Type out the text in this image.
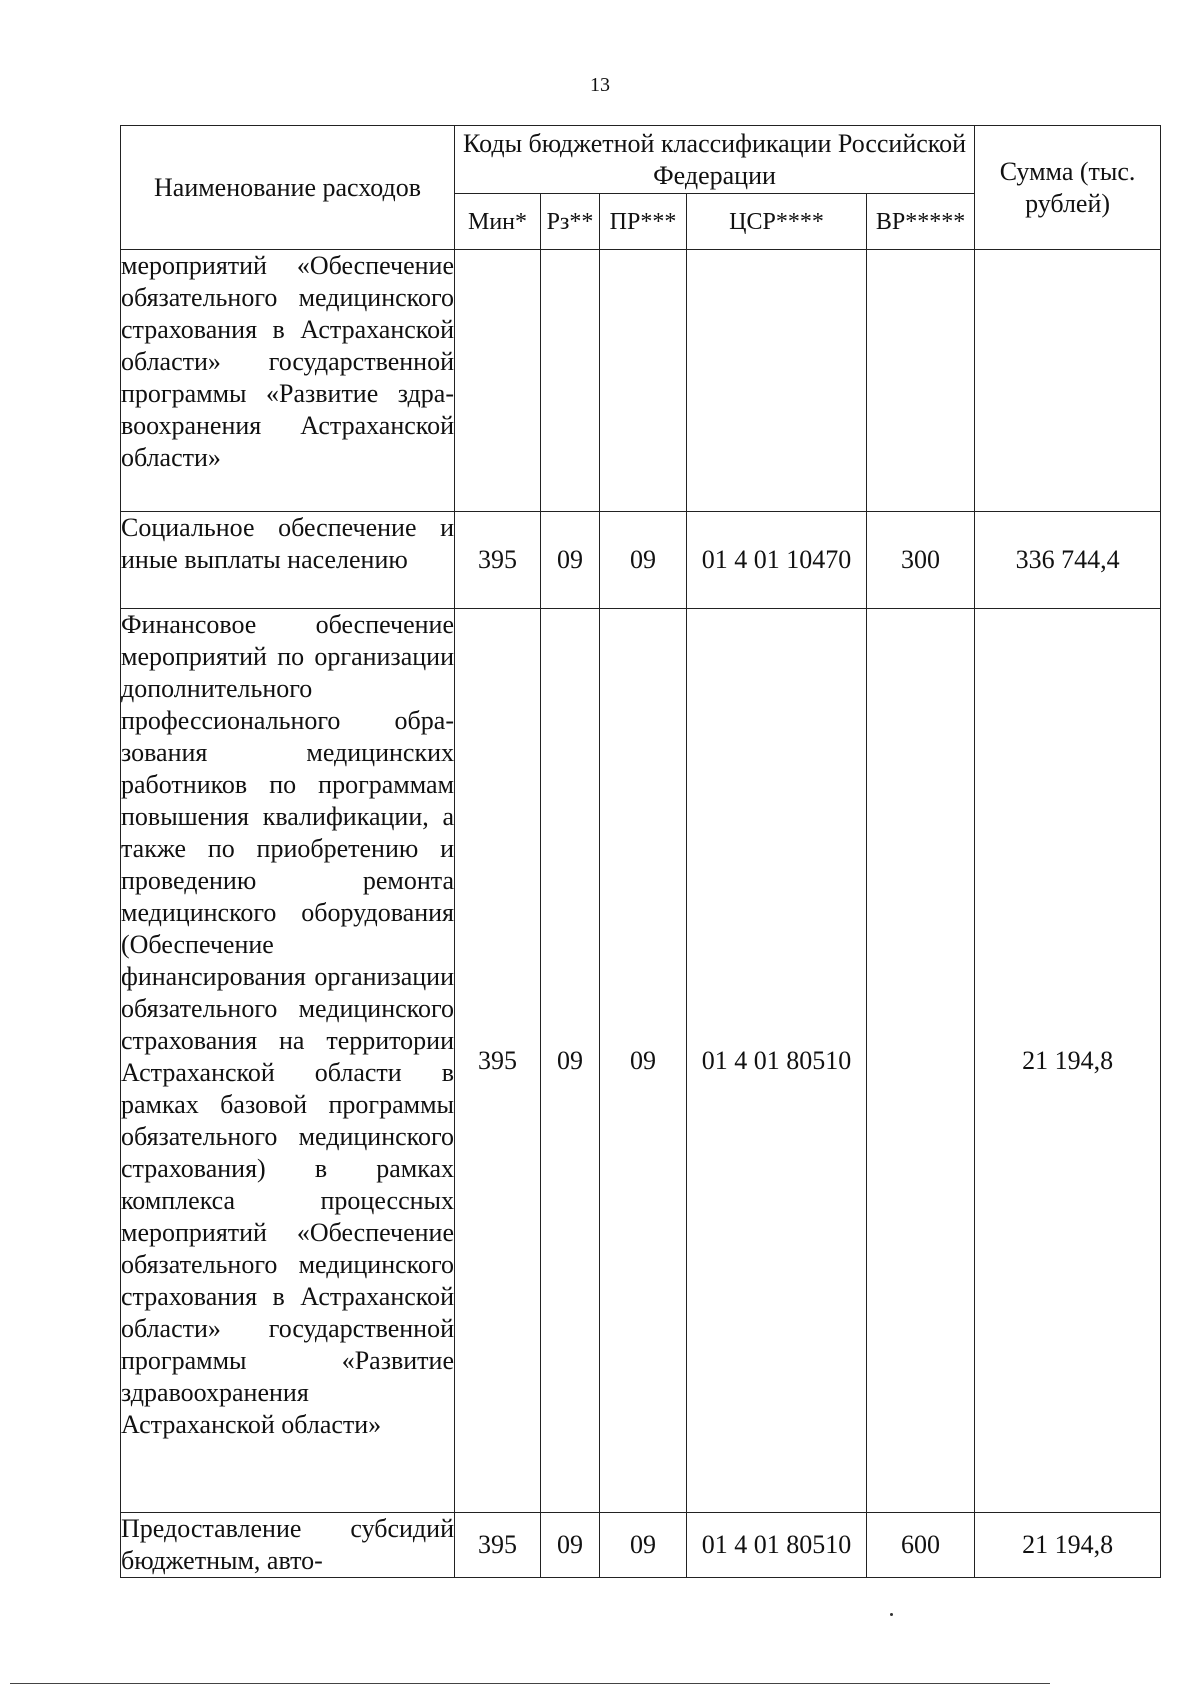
13
Наименование расходов	Коды бюджетной классификации Российской Федерации					Сумма (тыс. рублей)
	Мин*	Рз**	ПР***	ЦСР****	ВР*****	
мероприятий «Обеспечение обязательного медицинского страхования в Астраханской области» государственной программы «Развитие здравоохранения Астраханской области»						
Социальное обеспечение и иные выплаты населению	395	09	09	01 4 01 10470	300	336 744,4
Финансовое обеспечение мероприятий по организации дополнительного профессионального образования медицинских работников по программам повышения квалификации, а также по приобретению и проведению ремонта медицинского оборудования (Обеспечение финансирования организации обязательного медицинского страхования на территории Астраханской области в рамках базовой программы обязательного медицинского страхования) в рамках комплекса процессных мероприятий «Обеспечение обязательного медицинского страхования в Астраханской области» государственной программы «Развитие здравоохранения Астраханской области»	395	09	09	01 4 01 80510		21 194,8
Предоставление субсидий бюджетным, авто-	395	09	09	01 4 01 80510	600	21 194,8
